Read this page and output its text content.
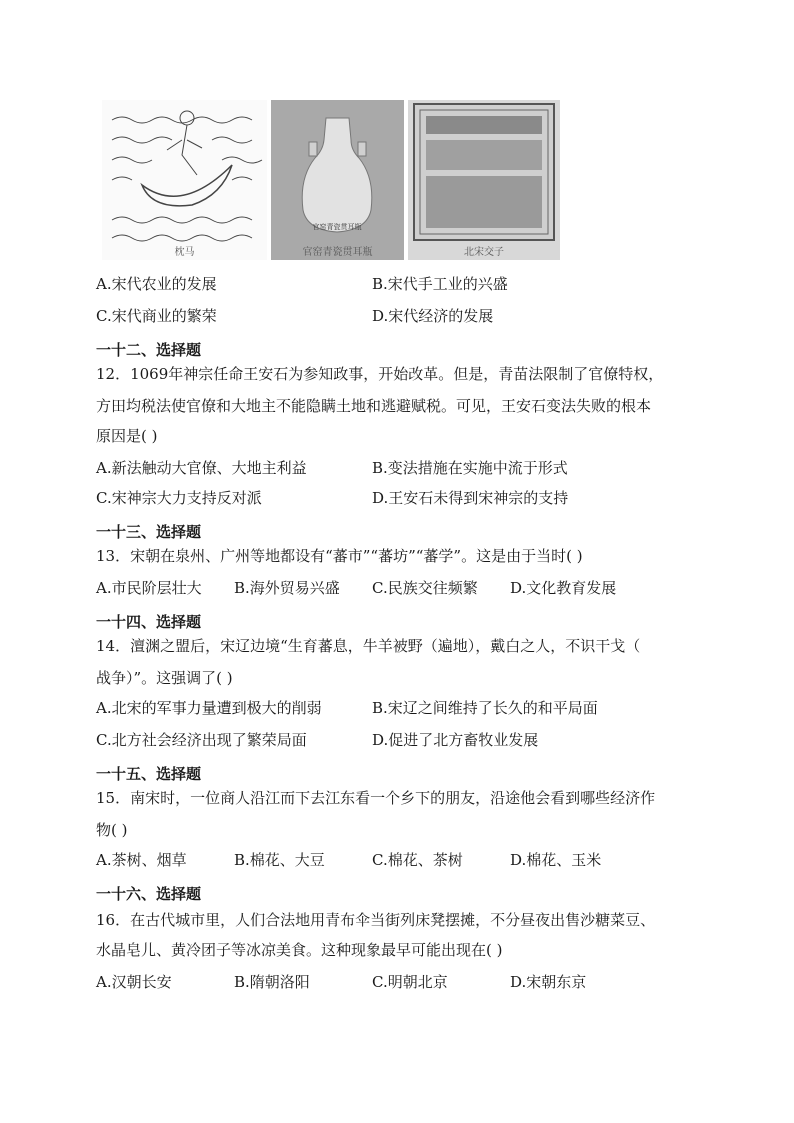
枕马
官窑青瓷贯耳瓶
官窑青瓷贯耳瓶	北宋交子
A.宋代农业的发展	B.宋代手工业的兴盛
C.宋代商业的繁荣	D.宋代经济的发展
一十二、选择题
12．1069年神宗任命王安石为参知政事，开始改革。但是，青苗法限制了官僚特权，
方田均税法使官僚和大地主不能隐瞒土地和逃避赋税。可见，王安石变法失败的根本
原因是( )
A.新法触动大官僚、大地主利益	B.变法措施在实施中流于形式
C.宋神宗大力支持反对派	D.王安石未得到宋神宗的支持
一十三、选择题
13．宋朝在泉州、广州等地都设有“蕃市”“蕃坊”“蕃学”。这是由于当时( )
A.市民阶层壮大 B.海外贸易兴盛 C.民族交往频繁 D.文化教育发展
一十四、选择题
14．澶渊之盟后，宋辽边境“生育蕃息，牛羊被野（遍地），戴白之人，不识干戈（
战争）”。这强调了( )
A.北宋的军事力量遭到极大的削弱	B.宋辽之间维持了长久的和平局面
C.北方社会经济出现了繁荣局面	D.促进了北方畜牧业发展
一十五、选择题
15．南宋时，一位商人沿江而下去江东看一个乡下的朋友，沿途他会看到哪些经济作
物( )
A.茶树、烟草	B.棉花、大豆	C.棉花、茶树	D.棉花、玉米
一十六、选择题
16．在古代城市里，人们合法地用青布伞当街列床凳摆摊，不分昼夜出售沙糖菜豆、
水晶皂儿、黄冷团子等冰凉美食。这种现象最早可能出现在( )
A.汉朝长安	B.隋朝洛阳	C.明朝北京	D.宋朝东京
